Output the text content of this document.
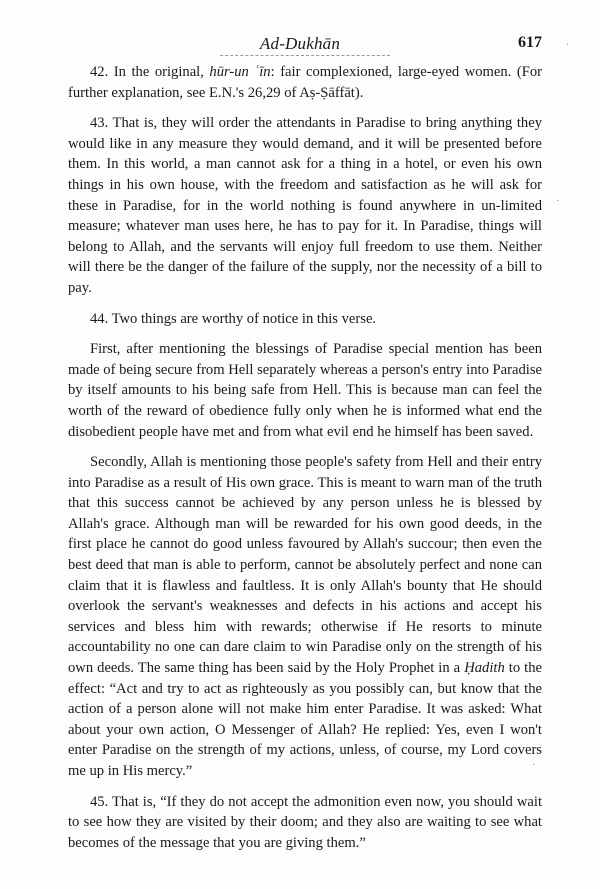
Ad-Dukhān	617

42. In the original, hūr-un ʿīn: fair complexioned, large-eyed women. (For further explanation, see E.N.'s 26,29 of Aṣ-Ṣāffāt).

43. That is, they will order the attendants in Paradise to bring anything they would like in any measure they would demand, and it will be presented before them. In this world, a man cannot ask for a thing in a hotel, or even his own things in his own house, with the freedom and satisfaction as he will ask for these in Paradise, for in the world nothing is found anywhere in un-limited measure; whatever man uses here, he has to pay for it. In Paradise, things will belong to Allah, and the servants will enjoy full freedom to use them. Neither will there be the danger of the failure of the supply, nor the necessity of a bill to pay.

44. Two things are worthy of notice in this verse.

First, after mentioning the blessings of Paradise special mention has been made of being secure from Hell separately whereas a person's entry into Paradise by itself amounts to his being safe from Hell. This is because man can feel the worth of the reward of obedience fully only when he is informed what end the disobedient people have met and from what evil end he himself has been saved.

Secondly, Allah is mentioning those people's safety from Hell and their entry into Paradise as a result of His own grace. This is meant to warn man of the truth that this success cannot be achieved by any person unless he is blessed by Allah's grace. Although man will be rewarded for his own good deeds, in the first place he cannot do good unless favoured by Allah's succour; then even the best deed that man is able to perform, cannot be absolutely perfect and none can claim that it is flawless and faultless. It is only Allah's bounty that He should overlook the servant's weaknesses and defects in his actions and accept his services and bless him with rewards; otherwise if He resorts to minute accountability no one can dare claim to win Paradise only on the strength of his own deeds. The same thing has been said by the Holy Prophet in a Ḥadith to the effect: “Act and try to act as righteously as you possibly can, but know that the action of a person alone will not make him enter Paradise. It was asked: What about your own action, O Messenger of Allah? He replied: Yes, even I won't enter Paradise on the strength of my actions, unless, of course, my Lord covers me up in His mercy.”

45. That is, “If they do not accept the admonition even now, you should wait to see how they are visited by their doom; and they also are waiting to see what becomes of the message that you are giving them.”

·
·
·
